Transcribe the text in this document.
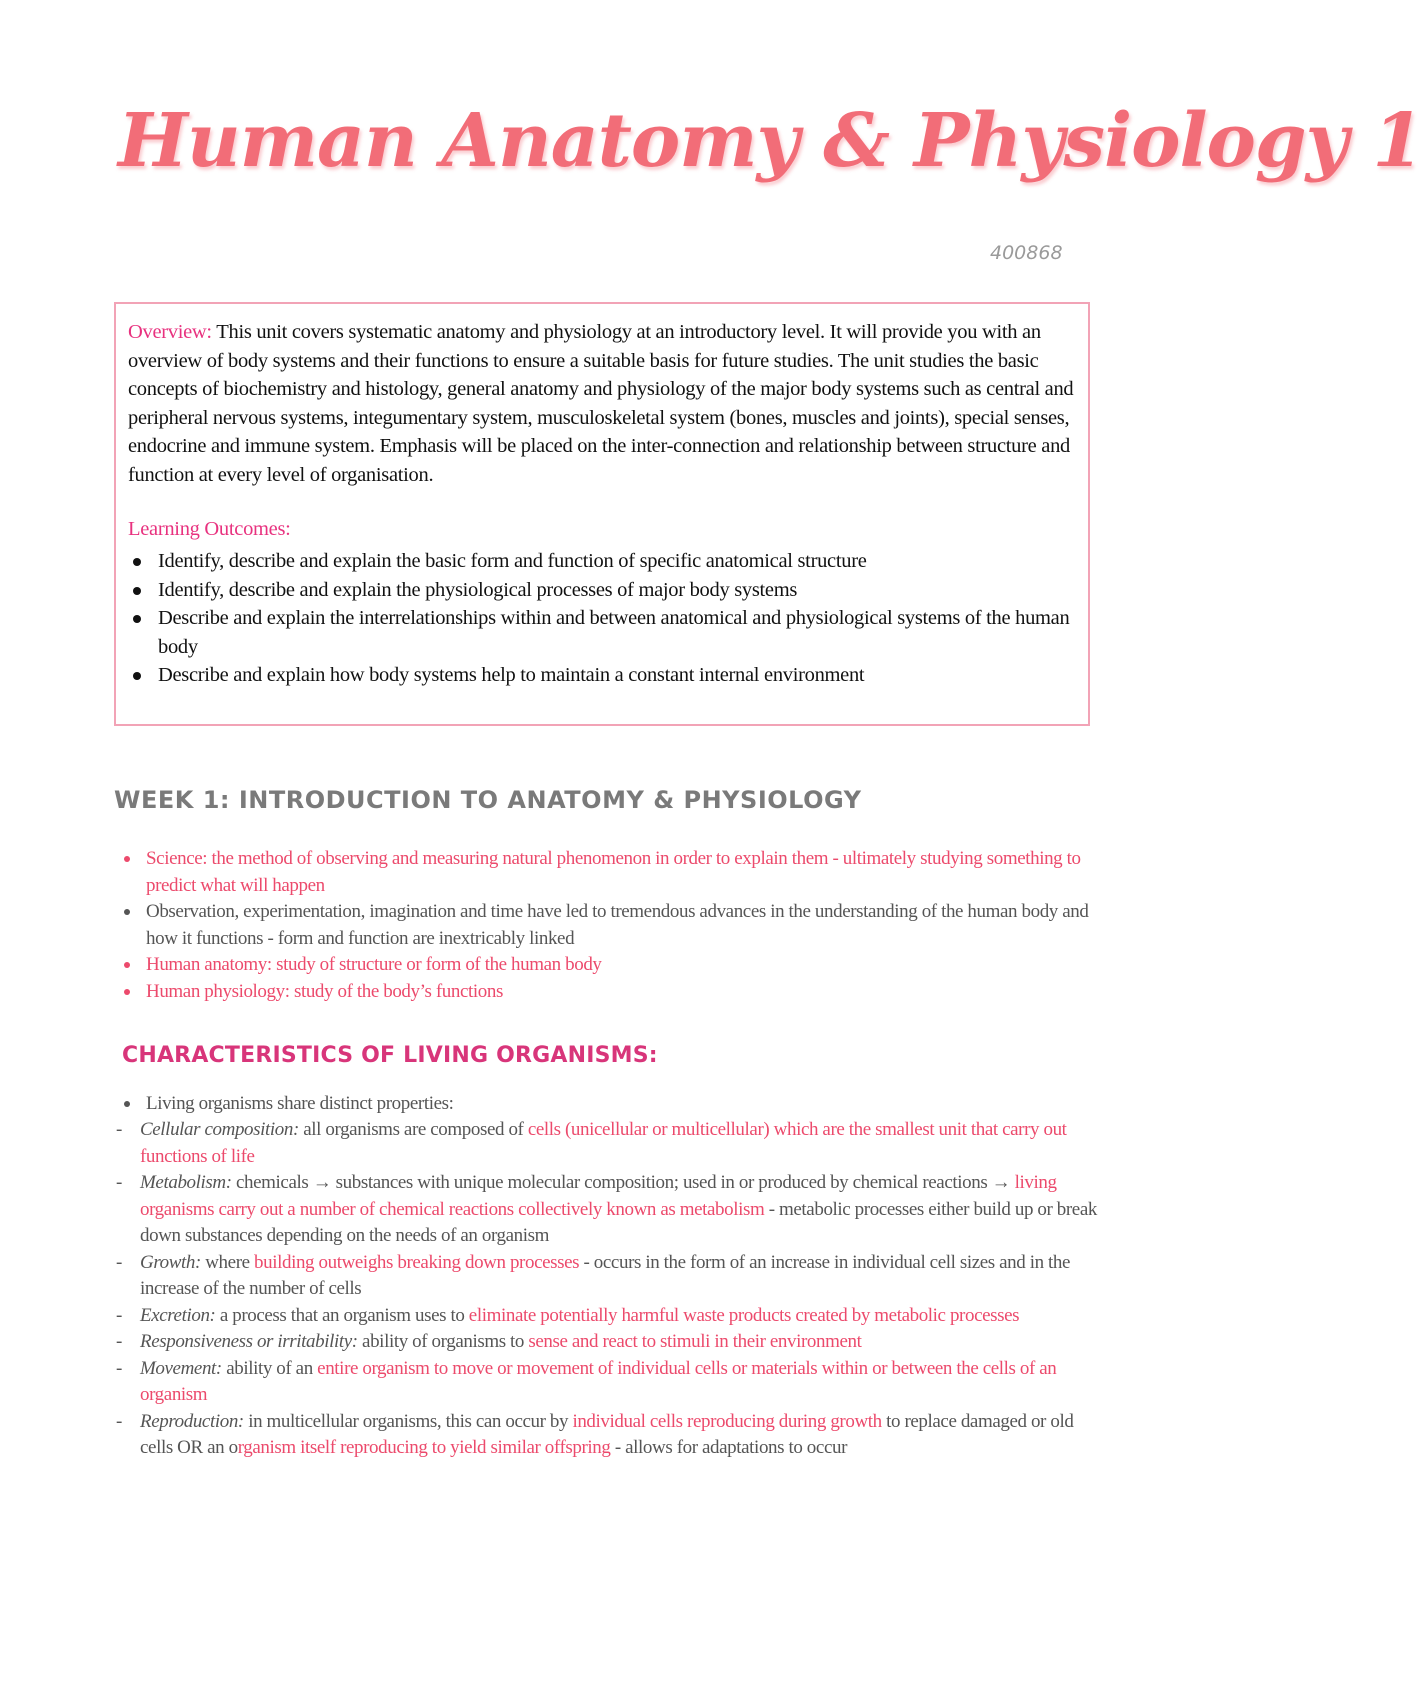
Human Anatomy & Physiology 1
400868

Overview: This unit covers systematic anatomy and physiology at an introductory level. It will provide you with an overview of body systems and their functions to ensure a suitable basis for future studies. The unit studies the basic concepts of biochemistry and histology, general anatomy and physiology of the major body systems such as central and peripheral nervous systems, integumentary system, musculoskeletal system (bones, muscles and joints), special senses, endocrine and immune system. Emphasis will be placed on the inter-connection and relationship between structure and function at every level of organisation.

Learning Outcomes:
Identify, describe and explain the basic form and function of specific anatomical structure
Identify, describe and explain the physiological processes of major body systems
Describe and explain the interrelationships within and between anatomical and physiological systems of the human body
Describe and explain how body systems help to maintain a constant internal environment
WEEK 1: INTRODUCTION TO ANATOMY & PHYSIOLOGY
Science: the method of observing and measuring natural phenomenon in order to explain them - ultimately studying something to predict what will happen
Observation, experimentation, imagination and time have led to tremendous advances in the understanding of the human body and how it functions - form and function are inextricably linked
Human anatomy: study of structure or form of the human body
Human physiology: study of the body’s functions
CHARACTERISTICS OF LIVING ORGANISMS:
Living organisms share distinct properties:
- Cellular composition: all organisms are composed of cells (unicellular or multicellular) which are the smallest unit that carry out functions of life
- Metabolism: chemicals → substances with unique molecular composition; used in or produced by chemical reactions → living organisms carry out a number of chemical reactions collectively known as metabolism - metabolic processes either build up or break down substances depending on the needs of an organism
- Growth: where building outweighs breaking down processes - occurs in the form of an increase in individual cell sizes and in the increase of the number of cells
- Excretion: a process that an organism uses to eliminate potentially harmful waste products created by metabolic processes
- Responsiveness or irritability: ability of organisms to sense and react to stimuli in their environment
- Movement: ability of an entire organism to move or movement of individual cells or materials within or between the cells of an organism
- Reproduction: in multicellular organisms, this can occur by individual cells reproducing during growth to replace damaged or old cells OR an organism itself reproducing to yield similar offspring - allows for adaptations to occur
